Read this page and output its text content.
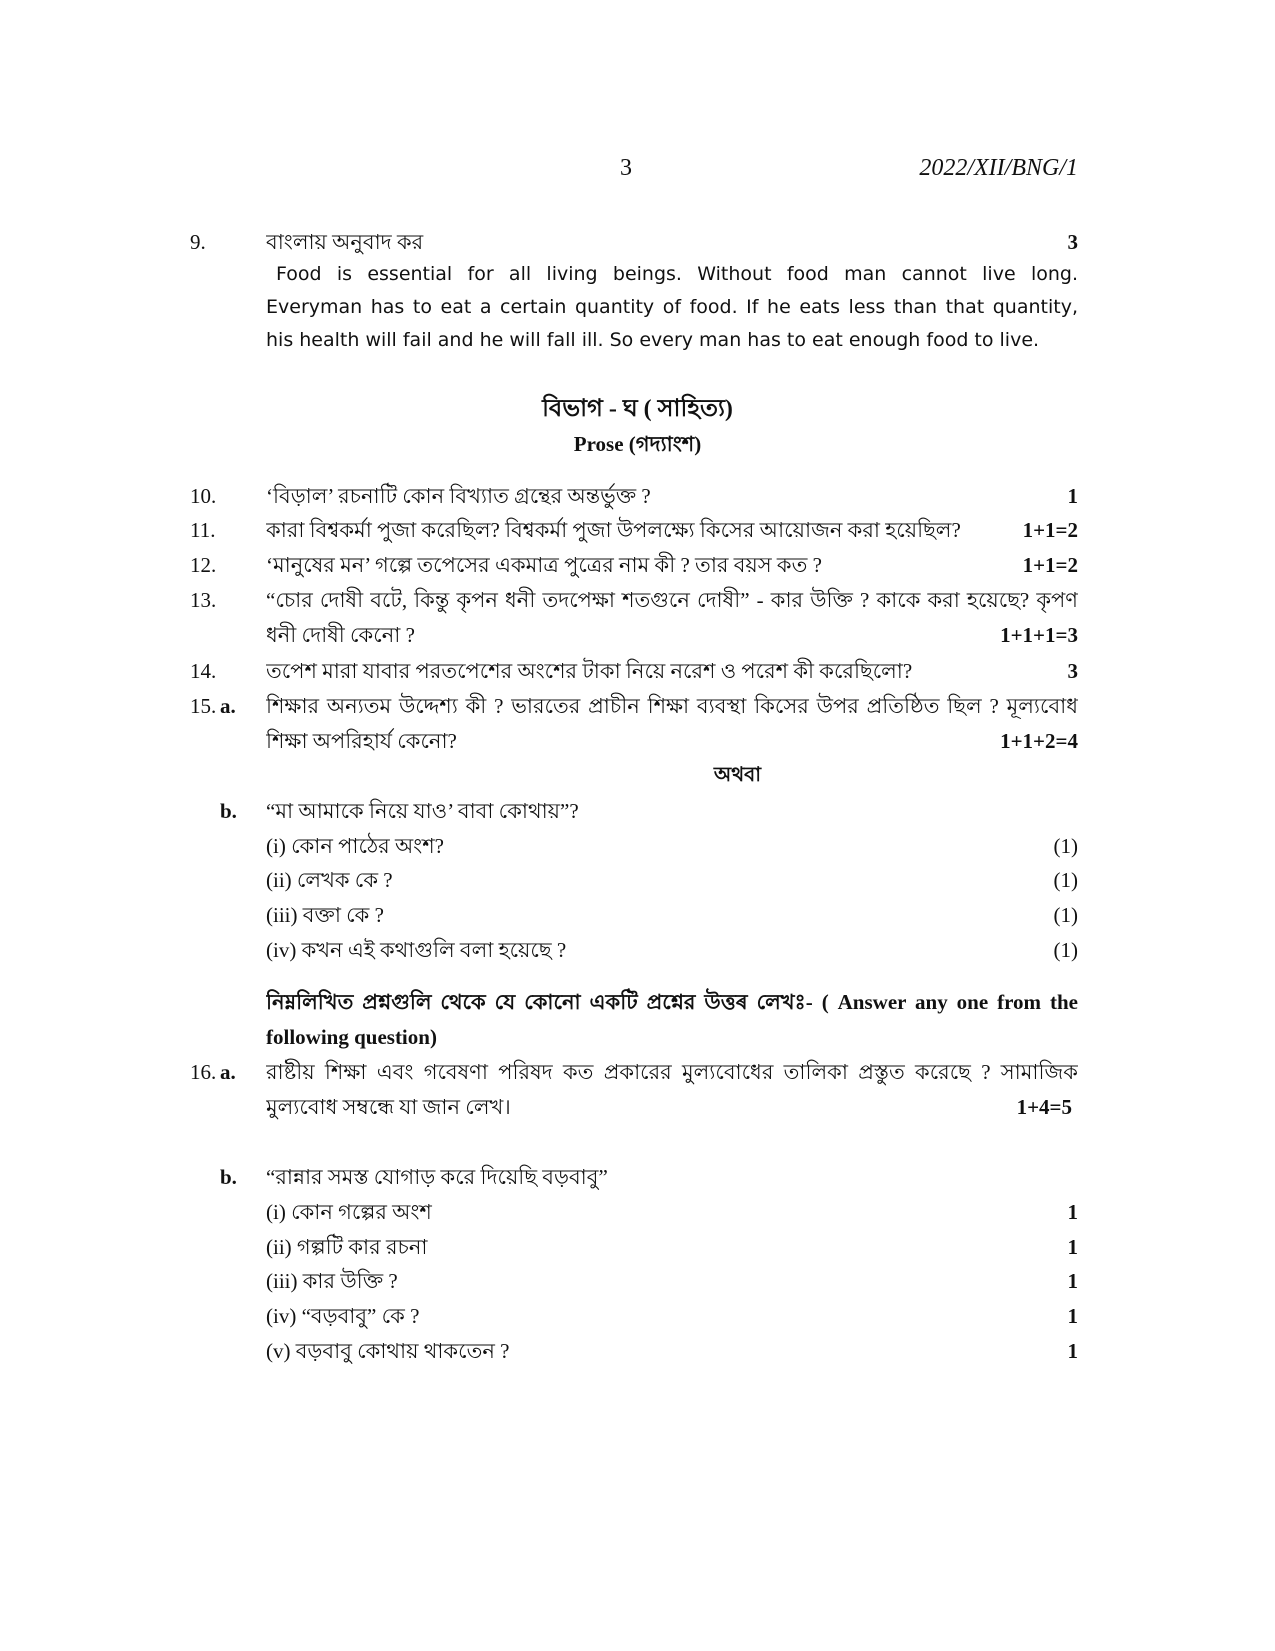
3	2022/XII/BNG/1
9.	বাংলায় অনুবাদ কর	3
Food is essential for all living beings. Without food man cannot live long.
Everyman has to eat a certain quantity of food. If he eats less than that quantity,
his health will fail and he will fall ill. So every man has to eat enough food to live.
বিভাগ - ঘ ( সাহিত্য)
Prose (গদ্যাংশ)
10. ‘বিড়াল’ রচনাটি কোন বিখ্যাত গ্রন্থের অন্তর্ভুক্ত ?	1
11. কারা বিশ্বকর্মা পুজা করেছিল? বিশ্বকর্মা পুজা উপলক্ষ্যে কিসের আয়োজন করা হয়েছিল?	1+1=2
12. ‘মানুষের মন’ গল্পে তপেসের একমাত্র পুত্রের নাম কী ? তার বয়স কত ?	1+1=2
13. “চোর দোষী বটে, কিন্তু কৃপন ধনী তদপেক্ষা শতগুনে দোষী” - কার উক্তি ? কাকে করা হয়েছে? কৃপণ
ধনী দোষী কেনো ?	1+1+1=3
14. তপেশ মারা যাবার পরতপেশের অংশের টাকা নিয়ে নরেশ ও পরেশ কী করেছিলো?	3
15. a. শিক্ষার অন্যতম উদ্দেশ্য কী ? ভারতের প্রাচীন শিক্ষা ব্যবস্থা কিসের উপর প্রতিষ্ঠিত ছিল ? মূল্যবোধ
শিক্ষা অপরিহার্য কেনো?	1+1+2=4
অথবা
b. “মা আমাকে নিয়ে যাও’ বাবা কোথায়”?
(i) কোন পাঠের অংশ?	(1)
(ii) লেখক কে ?	(1)
(iii) বক্তা কে ?	(1)
(iv) কখন এই কথাগুলি বলা হয়েছে ?	(1)
নিম্নলিখিত প্রশ্নগুলি থেকে যে কোনো একটি প্রশ্নের উত্তৰ লেখঃ- ( Answer any one from the
following question)
16. a. রাষ্টীয় শিক্ষা এবং গবেষণা পরিষদ কত প্রকারের মুল্যবোধের তালিকা প্রস্তুত করেছে ? সামাজিক
মুল্যবোধ সম্বন্ধে যা জান লেখ।	1+4=5
b. “রান্নার সমস্ত যোগাড় করে দিয়েছি বড়বাবু”
(i) কোন গল্পের অংশ	1
(ii) গল্পটি কার রচনা	1
(iii) কার উক্তি ?	1
(iv) “বড়বাবু” কে ?	1
(v) বড়বাবু কোথায় থাকতেন ?	1
